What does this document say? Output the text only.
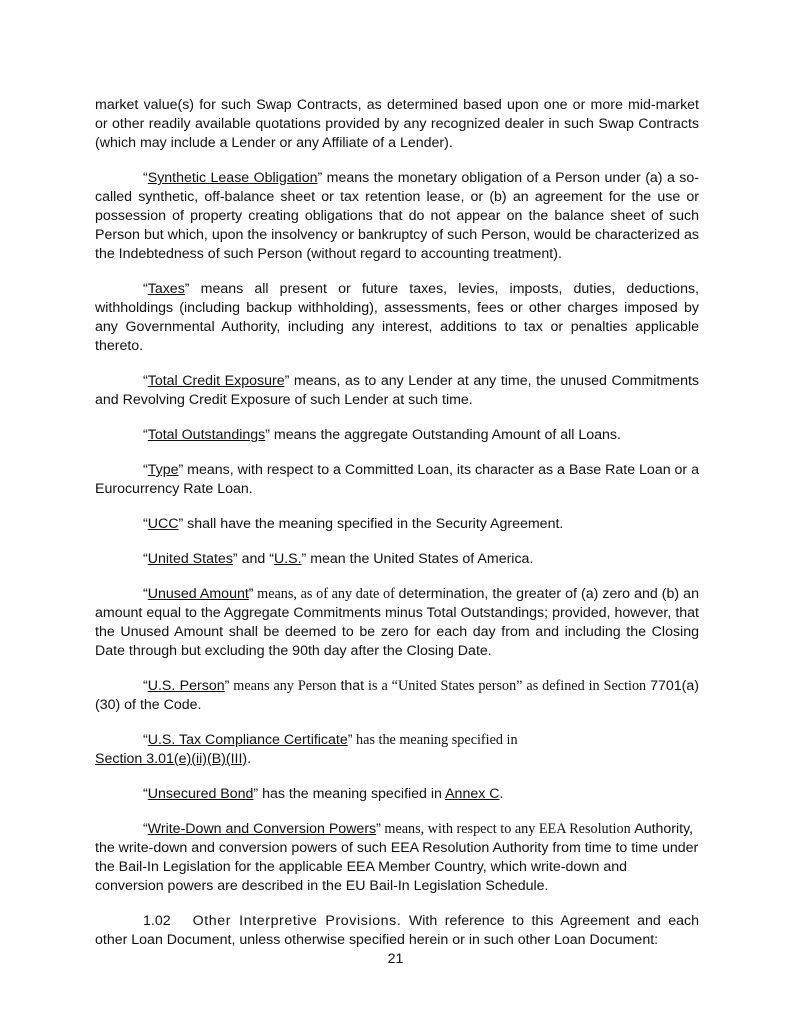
market value(s) for such Swap Contracts, as determined based upon one or more mid-market or other readily available quotations provided by any recognized dealer in such Swap Contracts (which may include a Lender or any Affiliate of a Lender).

“Synthetic Lease Obligation” means the monetary obligation of a Person under (a) a so-called synthetic, off-balance sheet or tax retention lease, or (b) an agreement for the use or possession of property creating obligations that do not appear on the balance sheet of such Person but which, upon the insolvency or bankruptcy of such Person, would be characterized as the Indebtedness of such Person (without regard to accounting treatment).

“Taxes” means all present or future taxes, levies, imposts, duties, deductions, withholdings (including backup withholding), assessments, fees or other charges imposed by any Governmental Authority, including any interest, additions to tax or penalties applicable thereto.

“Total Credit Exposure” means, as to any Lender at any time, the unused Commitments and Revolving Credit Exposure of such Lender at such time.

“Total Outstandings” means the aggregate Outstanding Amount of all Loans.

“Type” means, with respect to a Committed Loan, its character as a Base Rate Loan or a Eurocurrency Rate Loan.

“UCC” shall have the meaning specified in the Security Agreement.

“United States” and “U.S.” mean the United States of America.

“Unused Amount” means, as of any date of determination, the greater of (a) zero and (b) an amount equal to the Aggregate Commitments minus Total Outstandings; provided, however, that the Unused Amount shall be deemed to be zero for each day from and including the Closing Date through but excluding the 90th day after the Closing Date.

“U.S. Person” means any Person that is a “United States person” as defined in Section 7701(a)(30) of the Code.

“U.S. Tax Compliance Certificate” has the meaning specified in
Section 3.01(e)(ii)(B)(III).

“Unsecured Bond” has the meaning specified in Annex C.

“Write-Down and Conversion Powers” means, with respect to any EEA Resolution Authority, the write-down and conversion powers of such EEA Resolution Authority from time to time under the Bail-In Legislation for the applicable EEA Member Country, which write-down and conversion powers are described in the EU Bail-In Legislation Schedule.

1.02 Other Interpretive Provisions. With reference to this Agreement and each other Loan Document, unless otherwise specified herein or in such other Loan Document:

21
